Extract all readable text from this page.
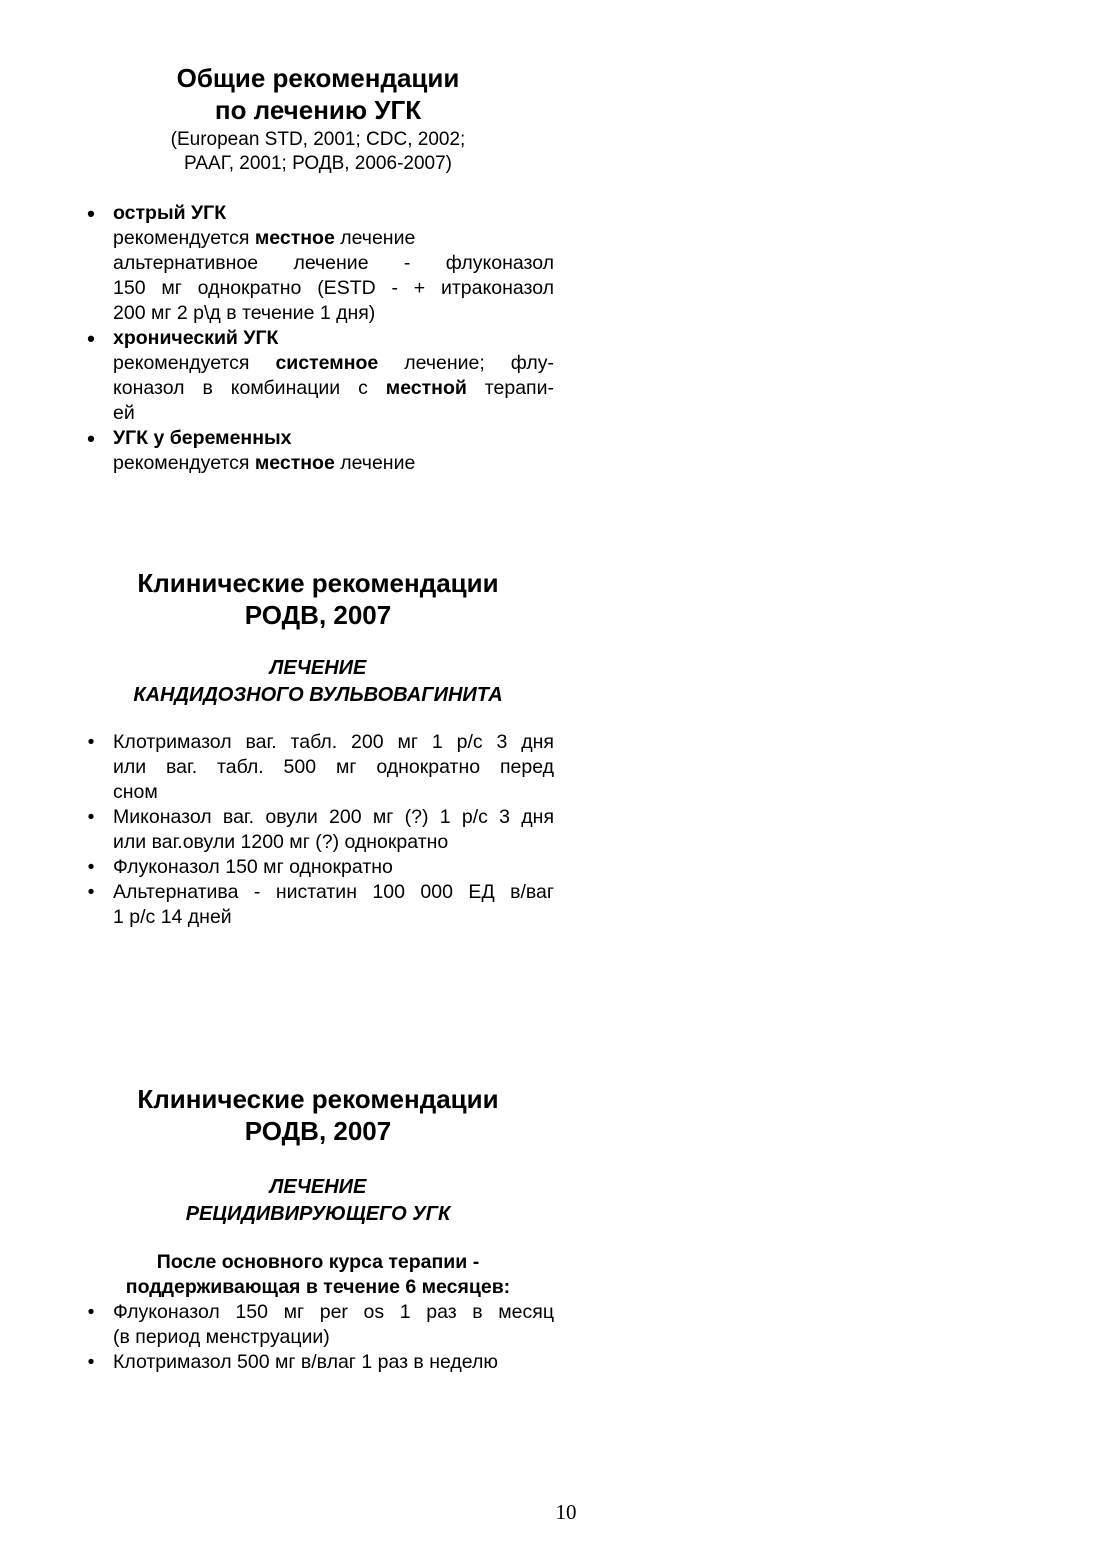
Общие рекомендации
по лечению УГК
(European STD, 2001; CDC, 2002;
РААГ, 2001; РОДВ, 2006-2007)
• острый УГК
рекомендуется местное лечение
альтернативное лечение - флуконазол
150 мг однократно (ESTD - + итраконазол
200 мг 2 р\д в течение 1 дня)
• хронический УГК
рекомендуется системное лечение; флу-
коназол в комбинации с местной терапи-
ей
• УГК у беременных
рекомендуется местное лечение
Клинические рекомендации
РОДВ, 2007
ЛЕЧЕНИЕ
КАНДИДОЗНОГО ВУЛЬВОВАГИНИТА
• Клотримазол ваг. табл. 200 мг 1 р/с 3 дня
или ваг. табл. 500 мг однократно перед
сном
• Миконазол ваг. овули 200 мг (?) 1 р/с 3 дня
или ваг.овули 1200 мг (?) однократно
• Флуконазол 150 мг однократно
• Альтернатива - нистатин 100 000 ЕД в/ваг
1 р/с 14 дней
Клинические рекомендации
РОДВ, 2007
ЛЕЧЕНИЕ
РЕЦИДИВИРУЮЩЕГО УГК
После основного курса терапии -
поддерживающая в течение 6 месяцев:
• Флуконазол 150 мг per os 1 раз в месяц
(в период менструации)
• Клотримазол 500 мг в/влаг 1 раз в неделю
10
